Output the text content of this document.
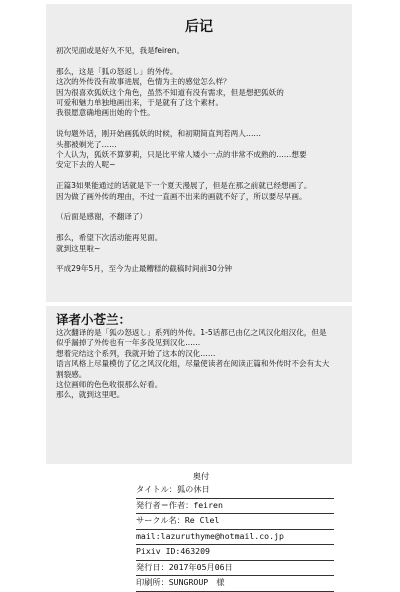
后记
初次见面或是好久不见，我是feiren。
那么，这是「狐の怒返し」的外传。
这次的外传没有故事进展，色情为主的感觉怎么样？
因为很喜欢狐妖这个角色，虽然不知道有没有需求，但是想把狐妖的
可爱和魅力单独地画出来，于是就有了这个素材。
我很愿意确地画出她的个性。
说句题外话，刚开始画狐妖的时候，和初期简直判若两人……
头都被剃光了……
个人认为，狐妖不算萝莉，只是比平常人矮小一点的非常不成熟的……想要
安定下去的人呢~
正篇3如果能通过的话就是下一个夏天漫展了，但是在那之前就已经想画了。
因为做了画外传的理由，不过一直画不出来的画就不好了，所以要尽早画。
（后面是感谢，不翻译了）
那么，希望下次活动能再见面。
就到这里啦~
平成29年5月，至今为止最糟糕的截稿时间前30分钟
译者小苍兰：
这次翻译的是「狐の怒返し」系列的外传。1-5话都已由亿之风汉化组汉化，但是
似乎漏掉了外传也有一年多没见到汉化……
想着完结这个系列，我就开始了这本的汉化……
语言风格上尽量模仿了亿之风汉化组，尽量使读者在阅读正篇和外传时不会有太大
割裂感。
这位画师的色色收很那么好看。
那么，就到这里吧。
奥付
タイトル：狐の休日
発行者＝作者：feiren
サークル名：Re Clel
mail:lazuruthyme@hotmail.co.jp
Pixiv ID:463209
発行日：2017年05月06日
印刷所：SUNGROUP　様
